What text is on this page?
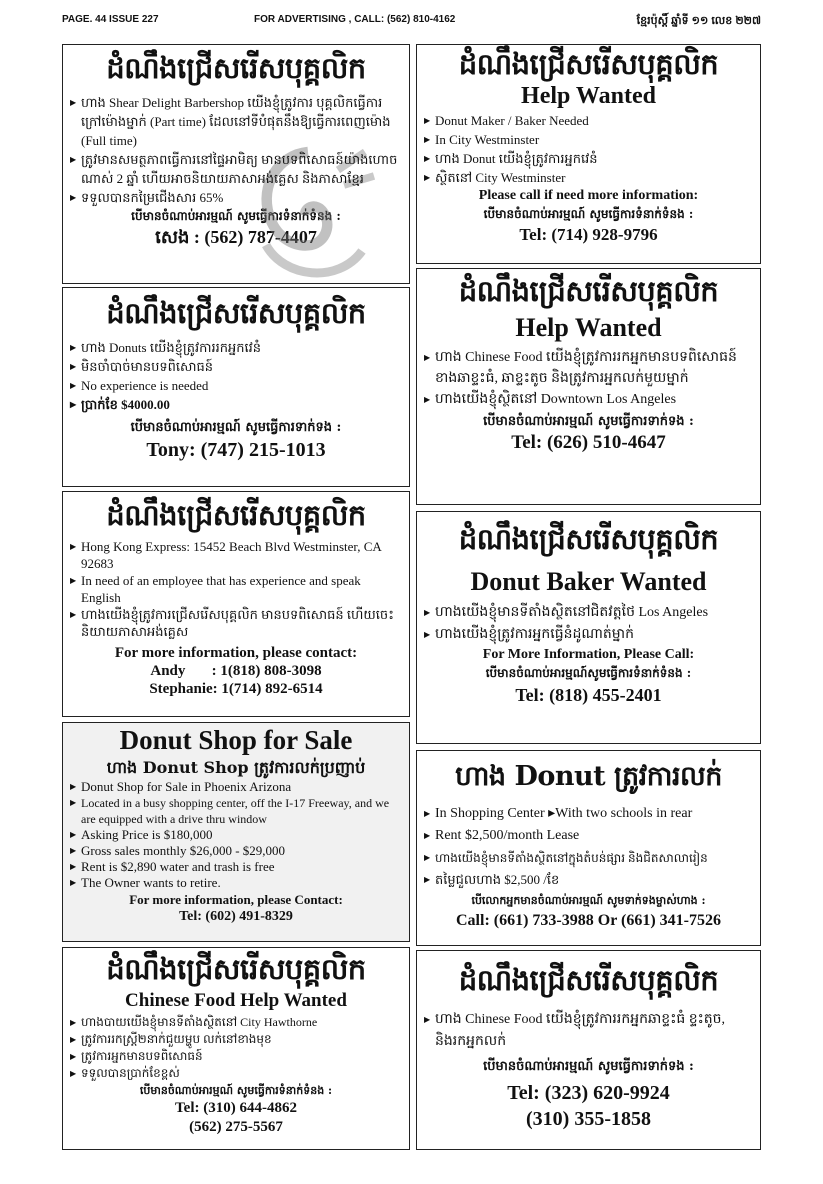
PAGE. 44 ISSUE 227	FOR ADVERTISING , CALL: (562) 810-4162	ខ្មែរប៉ុស្តិ៍ ឆ្នាំទី ១១ លេខ ២២៧
ដំណឹងជ្រើសរើសបុគ្គលិក
▶ ហាង Shear Delight Barbershop យើងខ្ញុំត្រូវការ បុគ្គលិកធ្វើការក្រៅម៉ោងម្នាក់ (Part time) ដែលនៅទីបំផុតនឹងឱ្យធ្វើការពេញម៉ោង (Full time)
▶ ត្រូវមានសមត្ថភាពធ្វើការនៅផ្ទៃអាមិត្យ មានបទពិសោធន៍យ៉ាងហោចណាស់ 2 ឆ្នាំ ហើយអាចនិយាយភាសាអង់គ្លេស និងភាសាខ្មែរ
▶ ទទួលបានកម្រៃជើងសារ 65%
បើមានចំណាប់អារម្មណ៍ សូមធ្វើការទំនាក់ទំនង :
សេង : (562) 787-4407
ដំណឹងជ្រើសរើសបុគ្គលិក
Help Wanted
▶ Donut Maker / Baker Needed
▶ In City Westminster
▶ ហាង Donut យើងខ្ញុំត្រូវការអ្នកវេនំ
▶ ស្ថិតនៅ City Westminster
Please call if need more information:
បើមានចំណាប់អារម្មណ៍ សូមធ្វើការទំនាក់ទំនង :
Tel: (714) 928-9796
ដំណឹងជ្រើសរើសបុគ្គលិក
▶ ហាង Donuts យើងខ្ញុំត្រូវការរកអ្នកវេនំ
▶ មិនចាំបាច់មានបទពិសោធន៍
▶ No experience is needed
▶ ប្រាក់ខែ $4000.00
បើមានចំណាប់អារម្មណ៍ សូមធ្វើការទាក់ទង :
Tony: (747) 215-1013
ដំណឹងជ្រើសរើសបុគ្គលិក
Help Wanted
▶ ហាង Chinese Food យើងខ្ញុំត្រូវការរកអ្នកមានបទពិសោធន៍ខាងឆាខ្ទះធំ, ឆាខ្ទះតូច និងត្រូវការអ្នកលក់មួយម្នាក់
▶ ហាងយើងខ្ញុំស្ថិតនៅ Downtown Los Angeles
បើមានចំណាប់អារម្មណ៍ សូមធ្វើការទាក់ទង :
Tel: (626) 510-4647
ដំណឹងជ្រើសរើសបុគ្គលិក
▶ Hong Kong Express: 15452 Beach Blvd Westminster, CA 92683
▶ In need of an employee that has experience and speak English
▶ ហាងយើងខ្ញុំត្រូវការជ្រើសរើសបុគ្គលិក មានបទពិសោធន៍ ហើយចេះនិយាយភាសាអង់គ្លេស
For more information, please contact:
Andy       : 1(818) 808-3098
Stephanie: 1(714) 892-6514
ដំណឹងជ្រើសរើសបុគ្គលិក
Donut Baker Wanted
▶ ហាងយើងខ្ញុំមានទីតាំងស្ថិតនៅជិតវត្តថៃ Los Angeles
▶ ហាងយើងខ្ញុំត្រូវការអ្នកធ្វើនំដូណាត់ម្នាក់
For More Information, Please Call:
បើមានចំណាប់អារម្មណ៍សូមធ្វើការទំនាក់ទំនង :
Tel: (818) 455-2401
Donut Shop for Sale
ហាង Donut Shop ត្រូវការលក់ប្រញាប់
▶ Donut Shop for Sale in Phoenix Arizona
▶ Located in a busy shopping center, off the I-17 Freeway, and we are equipped with a drive thru window
▶ Asking Price is $180,000
▶ Gross sales monthly $26,000 - $29,000
▶ Rent is $2,890 water and trash is free
▶ The Owner wants to retire.
For more information, please Contact:
Tel: (602) 491-8329
ហាង Donut ត្រូវការលក់
▶ In Shopping Center ▸With two schools in rear
▶ Rent $2,500/month Lease
▶ ហាងយើងខ្ញុំមានទីតាំងស្ថិតនៅក្នុងតំបន់ផ្សារ និងជិតសាលារៀន
▶ តម្លៃជួលហាង $2,500 /ខែ
បើលោកអ្នកមានចំណាប់អារម្មណ៍ សូមទាក់ទងម្ចាស់ហាង :
Call: (661) 733-3988 Or (661) 341-7526
ដំណឹងជ្រើសរើសបុគ្គលិក
Chinese Food Help Wanted
▶ ហាងបាយយើងខ្ញុំមានទីតាំងស្ថិតនៅ City Hawthorne
▶ ត្រូវការរកស្ត្រី២នាក់ជួយម្ហូប លក់នៅខាងមុខ
▶ ត្រូវការអ្នកមានបទពិសោធន៍
▶ ទទួលបានប្រាក់ខែខ្ពស់
បើមានចំណាប់អារម្មណ៍ សូមធ្វើការទំនាក់ទំនង :
Tel: (310) 644-4862
(562) 275-5567
ដំណឹងជ្រើសរើសបុគ្គលិក
▶ ហាង Chinese Food យើងខ្ញុំត្រូវការរកអ្នកឆាខ្ទះធំ ខ្ទះតូច, និងរកអ្នកលក់
បើមានចំណាប់អារម្មណ៍ សូមធ្វើការទាក់ទង :
Tel: (323) 620-9924
(310) 355-1858
